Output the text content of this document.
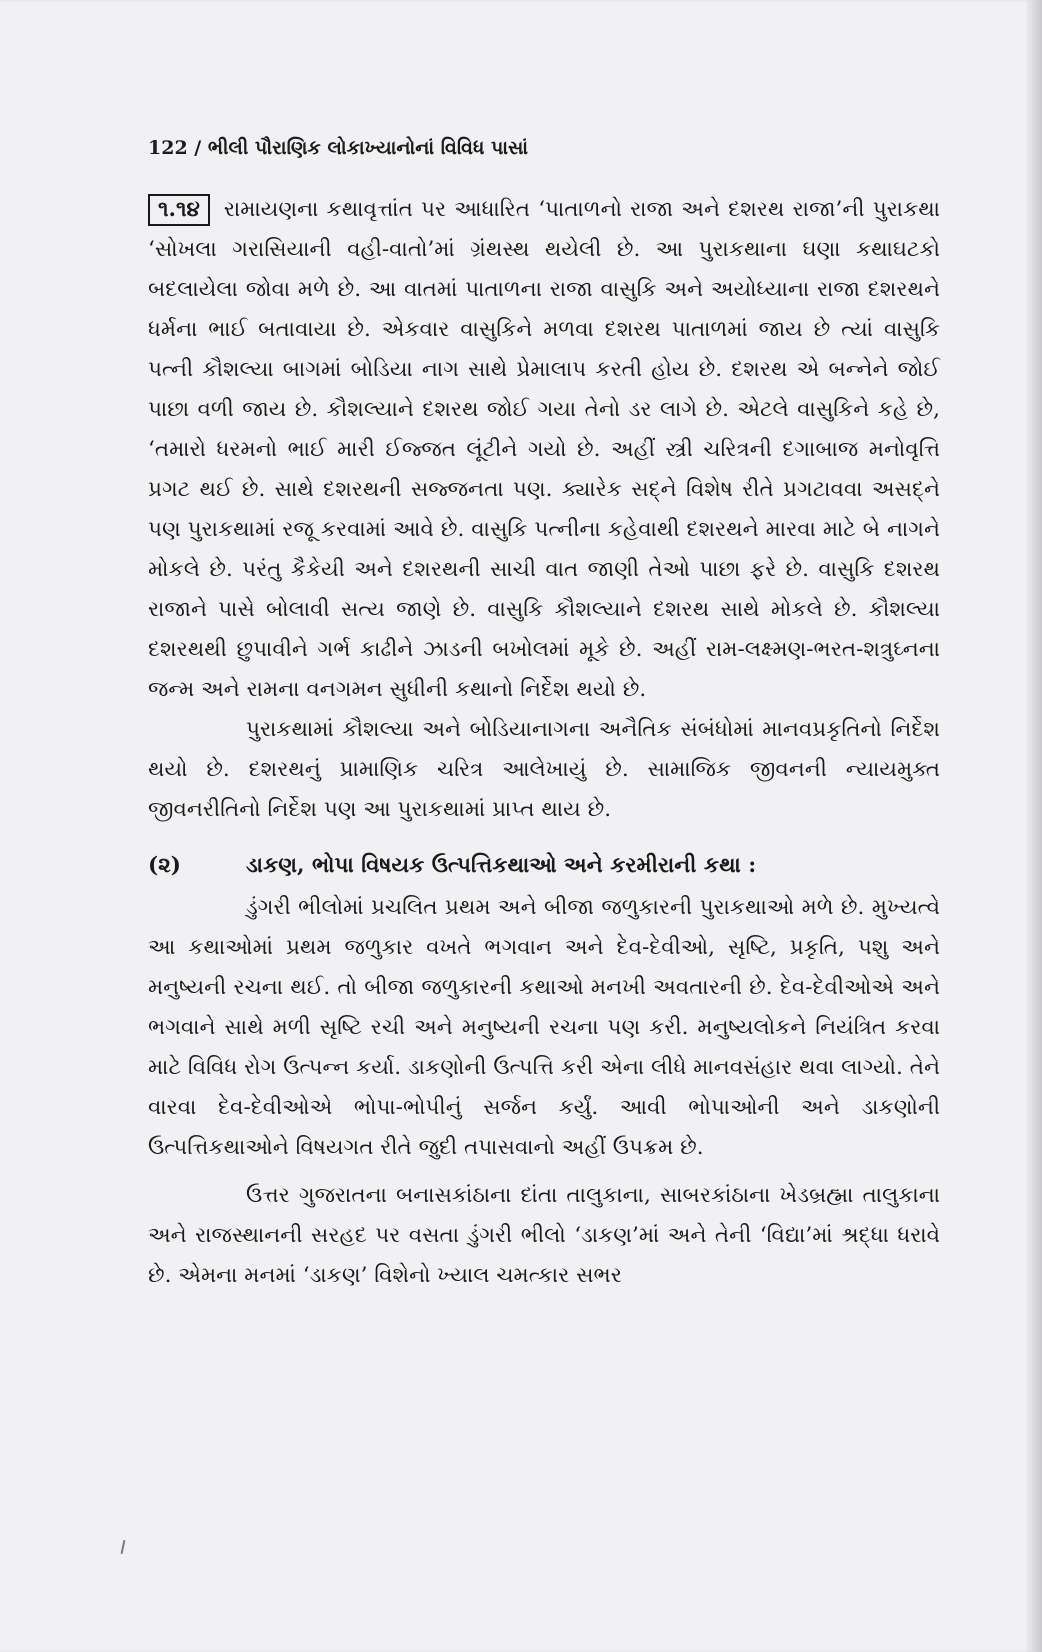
122 / ભીલી પૌરાણિક લોકાખ્યાનોનાં વિવિધ પાસાં

૧.૧૪ રામાયણના કથાવૃત્તાંત પર આધારિત ‘પાતાળનો રાજા અને દશરથ રાજા’ની પુરાકથા ‘સોખલા ગરાસિયાની વહી-વાતો’માં ગ્રંથસ્થ થયેલી છે. આ પુરાકથાના ઘણા કથાઘટકો બદલાયેલા જોવા મળે છે. આ વાતમાં પાતાળના રાજા વાસુકિ અને અયોધ્યાના રાજા દશરથને ધર્મના ભાઈ બતાવાયા છે. એકવાર વાસુકિને મળવા દશરથ પાતાળમાં જાય છે ત્યાં વાસુકિ પત્ની કૌશલ્યા બાગમાં બોડિયા નાગ સાથે પ્રેમાલાપ કરતી હોય છે. દશરથ એ બન્નેને જોઈ પાછા વળી જાય છે. કૌશલ્યાને દશરથ જોઈ ગયા તેનો ડર લાગે છે. એટલે વાસુકિને કહે છે, ‘તમારો ધરમનો ભાઈ મારી ઈજ્જત લૂંટીને ગયો છે. અહીં સ્ત્રી ચરિત્રની દગાબાજ મનોવૃત્તિ પ્રગટ થઈ છે. સાથે દશરથની સજ્જનતા પણ. ક્યારેક સદ્‌ને વિશેષ રીતે પ્રગટાવવા અસદ્‌ને પણ પુરાકથામાં રજૂ કરવામાં આવે છે. વાસુકિ પત્નીના કહેવાથી દશરથને મારવા માટે બે નાગને મોકલે છે. પરંતુ કૈકેયી અને દશરથની સાચી વાત જાણી તેઓ પાછા ફરે છે. વાસુકિ દશરથ રાજાને પાસે બોલાવી સત્ય જાણે છે. વાસુકિ કૌશલ્યાને દશરથ સાથે મોકલે છે. કૌશલ્યા દશરથથી છુપાવીને ગર્ભ કાઢીને ઝાડની બખોલમાં મૂકે છે. અહીં રામ-લક્ષ્મણ-ભરત-શત્રુઘ્નના જન્મ અને રામના વનગમન સુધીની કથાનો નિર્દેશ થયો છે.

પુરાકથામાં કૌશલ્યા અને બોડિયાનાગના અનૈતિક સંબંધોમાં માનવપ્રકૃતિનો નિર્દેશ થયો છે. દશરથનું પ્રામાણિક ચરિત્ર આલેખાયું છે. સામાજિક જીવનની ન્યાયમુક્ત જીવનરીતિનો નિર્દેશ પણ આ પુરાકથામાં પ્રાપ્ત થાય છે.

(૨)	ડાકણ, ભોપા વિષયક ઉત્પત્તિકથાઓ અને કરમીરાની કથા :

ડુંગરી ભીલોમાં પ્રચલિત પ્રથમ અને બીજા જળુકારની પુરાકથાઓ મળે છે. મુખ્યત્વે આ કથાઓમાં પ્રથમ જળુકાર વખતે ભગવાન અને દેવ-દેવીઓ, સૃષ્ટિ, પ્રકૃતિ, પશુ અને મનુષ્યની રચના થઈ. તો બીજા જળુકારની કથાઓ મનખી અવતારની છે. દેવ-દેવીઓએ અને ભગવાને સાથે મળી સૃષ્ટિ રચી અને મનુષ્યની રચના પણ કરી. મનુષ્યલોકને નિયંત્રિત કરવા માટે વિવિધ રોગ ઉત્પન્ન કર્યા. ડાકણોની ઉત્પત્તિ કરી એના લીધે માનવસંહાર થવા લાગ્યો. તેને વારવા દેવ-દેવીઓએ ભોપા-ભોપીનું સર્જન કર્યું. આવી ભોપાઓની અને ડાકણોની ઉત્પત્તિકથાઓને વિષયગત રીતે જુદી તપાસવાનો અહીં ઉપક્રમ છે.

ઉત્તર ગુજરાતના બનાસકાંઠાના દાંતા તાલુકાના, સાબરકાંઠાના ખેડબ્રહ્મા તાલુકાના અને રાજસ્થાનની સરહદ પર વસતા ડુંગરી ભીલો ‘ડાકણ’માં અને તેની ‘વિદ્યા’માં શ્રદ્ધા ધરાવે છે. એમના મનમાં ‘ડાકણ’ વિશેનો ખ્યાલ ચમત્કાર સભર
